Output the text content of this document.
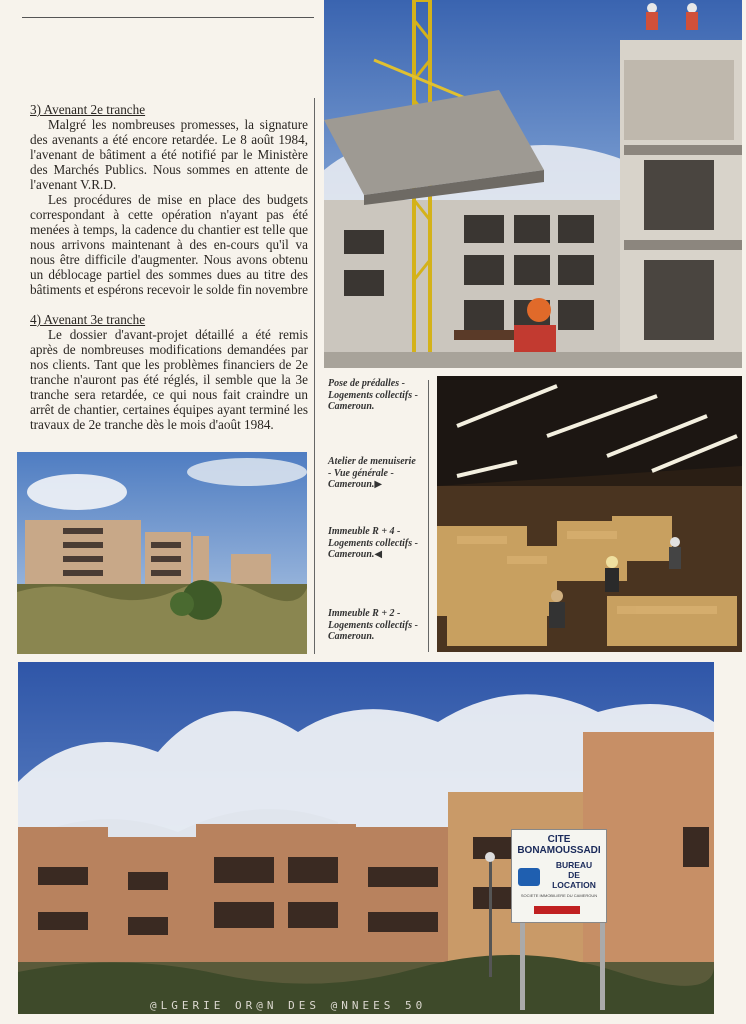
3) Avenant 2e tranche

Malgré les nombreuses promesses, la signature des avenants a été encore retardée. Le 8 août 1984, l'avenant de bâtiment a été notifié par le Ministère des Marchés Publics. Nous sommes en attente de l'avenant V.R.D.

Les procédures de mise en place des budgets correspondant à cette opération n'ayant pas été menées à temps, la cadence du chantier est telle que nous arrivons maintenant à des en-cours qu'il va nous être difficile d'augmenter. Nous avons obtenu un déblocage partiel des sommes dues au titre des bâtiments et espérons recevoir le solde fin novembre

4) Avenant 3e tranche

Le dossier d'avant-projet détaillé a été remis après de nombreuses modifications demandées par nos clients. Tant que les problèmes financiers de 2e tranche n'auront pas été réglés, il semble que la 3e tranche sera retardée, ce qui nous fait craindre un arrêt de chantier, certaines équipes ayant terminé les travaux de 2e tranche dès le mois d'août 1984.

Pose de prédalles - Logements collectifs - Cameroun.
Atelier de menuiserie - Vue générale - Cameroun.▶
Immeuble R + 4 - Logements collectifs - Cameroun.◀
Immeuble R + 2 - Logements collectifs - Cameroun.
CITE BONAMOUSSADI
BUREAU
DE
LOCATION
SOCIETE IMMOBILIERE DU CAMEROUN
@LGERIE OR@N DES @NNEES 50
